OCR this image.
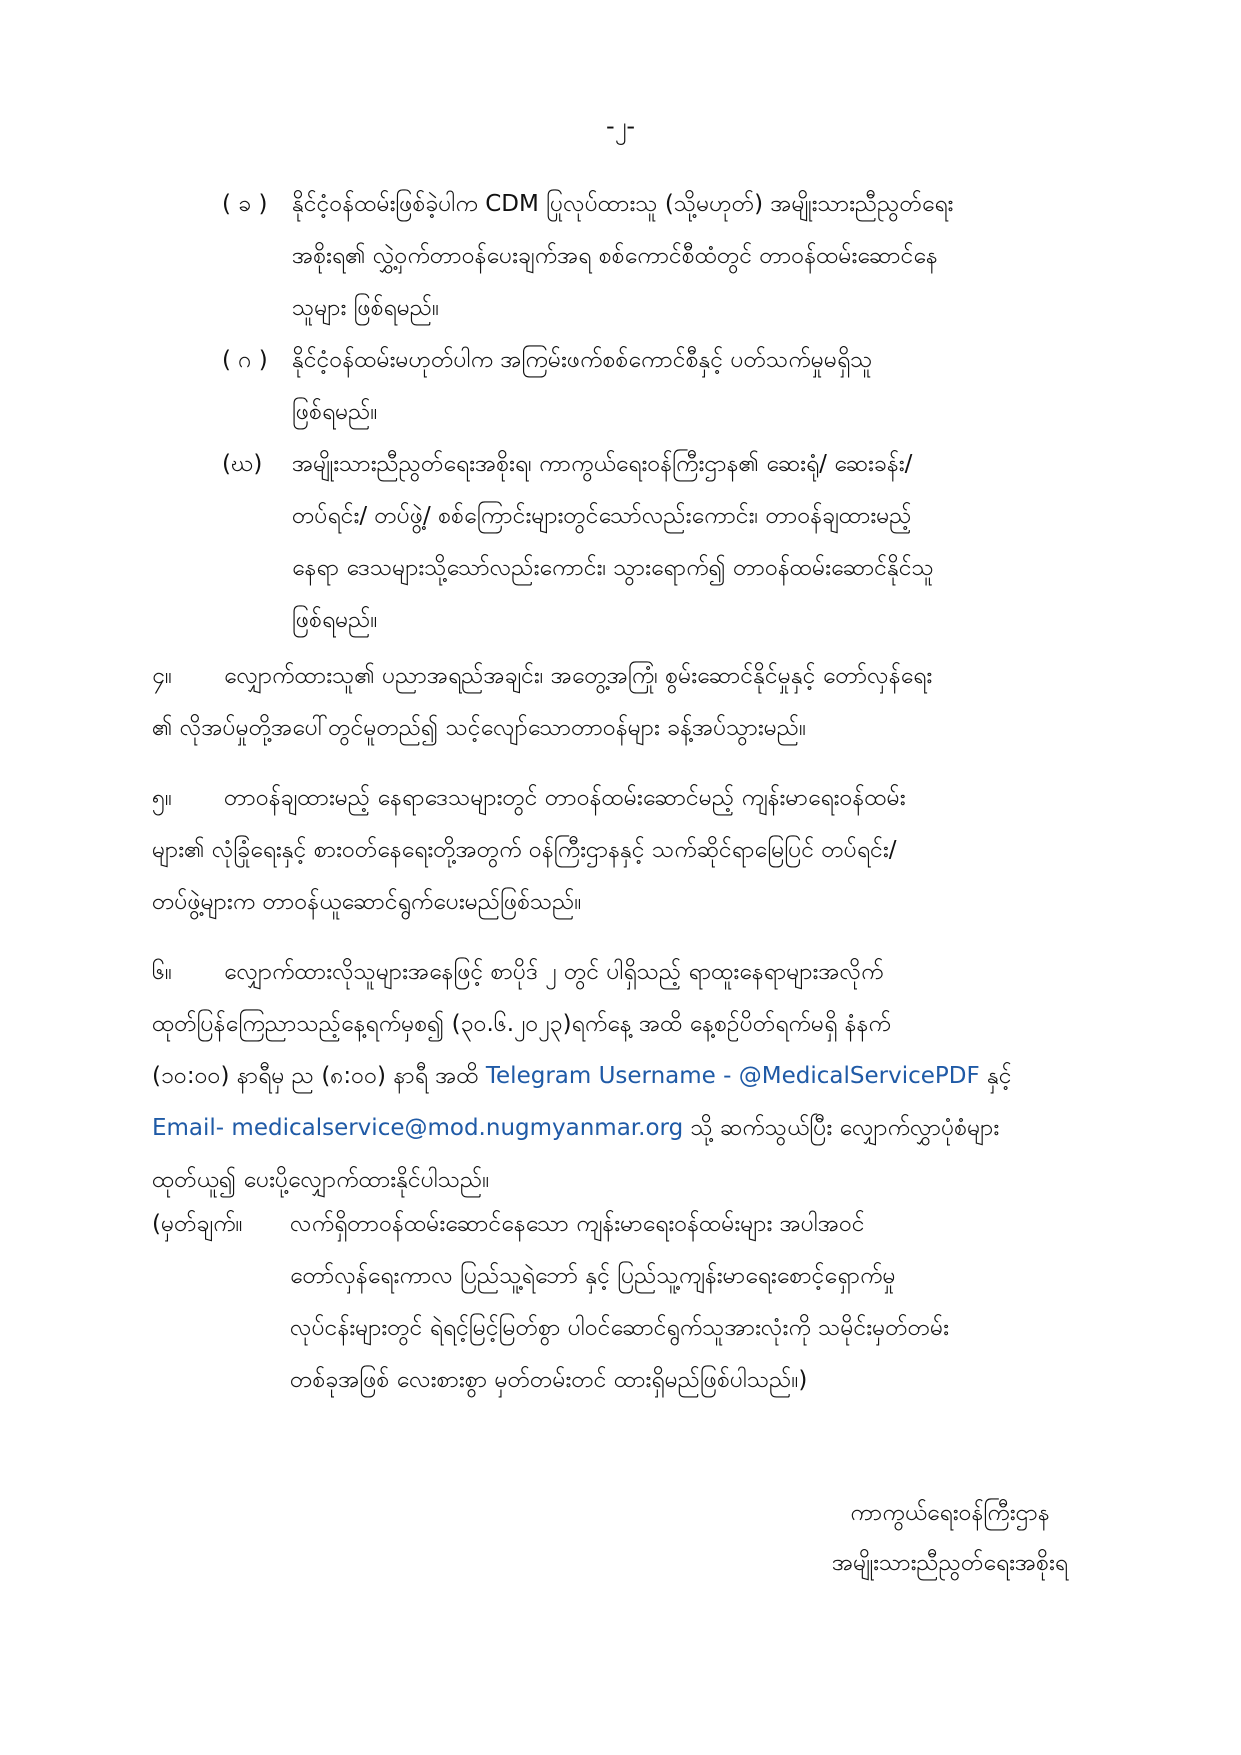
-၂-
( ခ )	နိုင်ငံ့ဝန်ထမ်းဖြစ်ခဲ့ပါက CDM ပြုလုပ်ထားသူ (သို့မဟုတ်) အမျိုးသားညီညွတ်ရေး
အစိုးရ၏ လွှဲ့ဝှက်တာဝန်ပေးချက်အရ စစ်ကောင်စီထံတွင် တာဝန်ထမ်းဆောင်နေ
သူများ ဖြစ်ရမည်။
( ဂ )	နိုင်ငံ့ဝန်ထမ်းမဟုတ်ပါက အကြမ်းဖက်စစ်ကောင်စီနှင့် ပတ်သက်မှုမရှိသူ
ဖြစ်ရမည်။
(ဃ)	အမျိုးသားညီညွတ်ရေးအစိုးရ၊ ကာကွယ်ရေးဝန်ကြီးဌာန၏ ဆေးရုံ/ ဆေးခန်း/
တပ်ရင်း/ တပ်ဖွဲ့/ စစ်ကြောင်းများတွင်သော်လည်းကောင်း၊ တာဝန်ချထားမည့်
နေရာ ဒေသများသို့သော်လည်းကောင်း၊ သွားရောက်၍ တာဝန်ထမ်းဆောင်နိုင်သူ
ဖြစ်ရမည်။
၄။ လျှောက်ထားသူ၏ ပညာအရည်အချင်း၊ အတွေ့အကြုံ၊ စွမ်းဆောင်နိုင်မှုနှင့် တော်လှန်ရေး
၏ လိုအပ်မှုတို့အပေါ်တွင်မူတည်၍ သင့်လျော်သောတာဝန်များ ခန့်အပ်သွားမည်။
၅။ တာဝန်ချထားမည့် နေရာဒေသများတွင် တာဝန်ထမ်းဆောင်မည့် ကျန်းမာရေးဝန်ထမ်း
များ၏ လုံခြုံရေးနှင့် စားဝတ်နေရေးတို့အတွက် ဝန်ကြီးဌာနနှင့် သက်ဆိုင်ရာမြေပြင် တပ်ရင်း/
တပ်ဖွဲ့များက တာဝန်ယူဆောင်ရွက်ပေးမည်ဖြစ်သည်။
၆။ လျှောက်ထားလိုသူများအနေဖြင့် စာပိုဒ် ၂ တွင် ပါရှိသည့် ရာထူးနေရာများအလိုက်
ထုတ်ပြန်ကြေညာသည့်နေ့ရက်မှစ၍ (၃၀.၆.၂၀၂၃)ရက်နေ့ အထိ နေ့စဉ်ပိတ်ရက်မရှိ နံနက်
(၁၀:၀၀) နာရီမှ ည (၈:၀၀) နာရီ အထိ Telegram Username - @MedicalServicePDF နှင့်
Email- medicalservice@mod.nugmyanmar.org သို့ ဆက်သွယ်ပြီး လျှောက်လွှာပုံစံများ
ထုတ်ယူ၍ ပေးပို့လျှောက်ထားနိုင်ပါသည်။
(မှတ်ချက်။	လက်ရှိတာဝန်ထမ်းဆောင်နေသော ကျန်းမာရေးဝန်ထမ်းများ အပါအဝင်
တော်လှန်ရေးကာလ ပြည်သူ့ရဲဘော် နှင့် ပြည်သူ့ကျန်းမာရေးစောင့်ရှောက်မှု
လုပ်ငန်းများတွင် ရဲရင့်မြင့်မြတ်စွာ ပါဝင်ဆောင်ရွက်သူအားလုံးကို သမိုင်းမှတ်တမ်း
တစ်ခုအဖြစ် လေးစားစွာ မှတ်တမ်းတင် ထားရှိမည်ဖြစ်ပါသည်။)
ကာကွယ်ရေးဝန်ကြီးဌာန
အမျိုးသားညီညွတ်ရေးအစိုးရ
